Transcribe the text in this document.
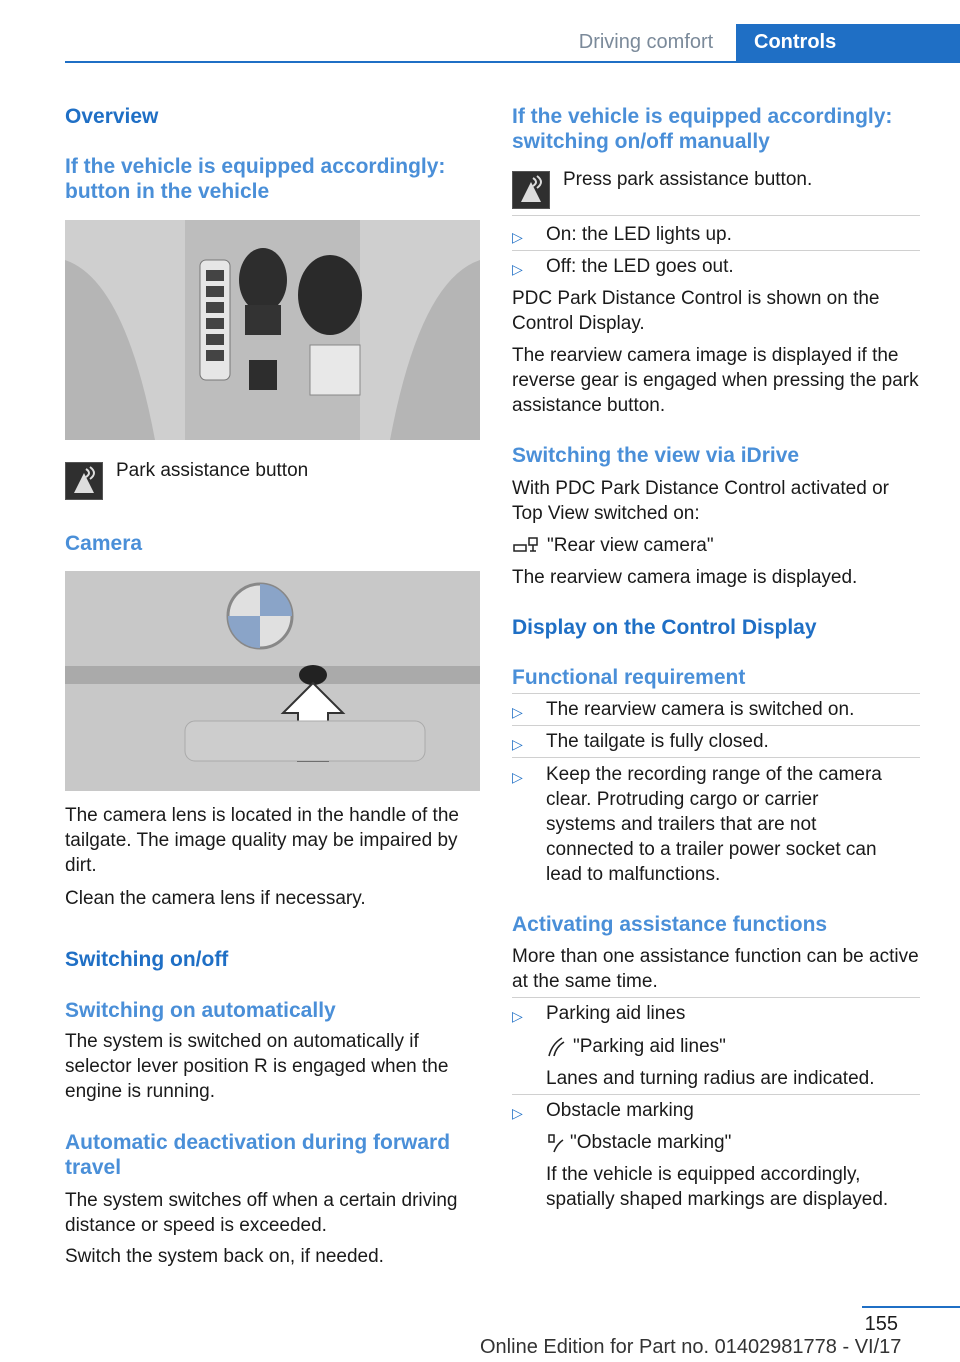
Driving comfort	Controls
Overview
If the vehicle is equipped accordingly: button in the vehicle
Park assistance button
Camera
The camera lens is located in the handle of the tailgate. The image quality may be impaired by dirt.
Clean the camera lens if necessary.
Switching on/off
Switching on automatically
The system is switched on automatically if selector lever position R is engaged when the engine is running.
Automatic deactivation during forward travel
The system switches off when a certain driving distance or speed is exceeded.
Switch the system back on, if needed.
If the vehicle is equipped accordingly: switching on/off manually
Press park assistance button.
▷ On: the LED lights up.
▷ Off: the LED goes out.
PDC Park Distance Control is shown on the Control Display.
The rearview camera image is displayed if the reverse gear is engaged when pressing the park assistance button.
Switching the view via iDrive
With PDC Park Distance Control activated or Top View switched on:
"Rear view camera"
The rearview camera image is displayed.
Display on the Control Display
Functional requirement
▷ The rearview camera is switched on.
▷ The tailgate is fully closed.
▷ Keep the recording range of the camera clear. Protruding cargo or carrier systems and trailers that are not connected to a trailer power socket can lead to malfunctions.
Activating assistance functions
More than one assistance function can be active at the same time.
▷ Parking aid lines
"Parking aid lines"
Lanes and turning radius are indicated.
▷ Obstacle marking
"Obstacle marking"
If the vehicle is equipped accordingly, spatially shaped markings are displayed.
155
Online Edition for Part no. 01402981778 - VI/17
